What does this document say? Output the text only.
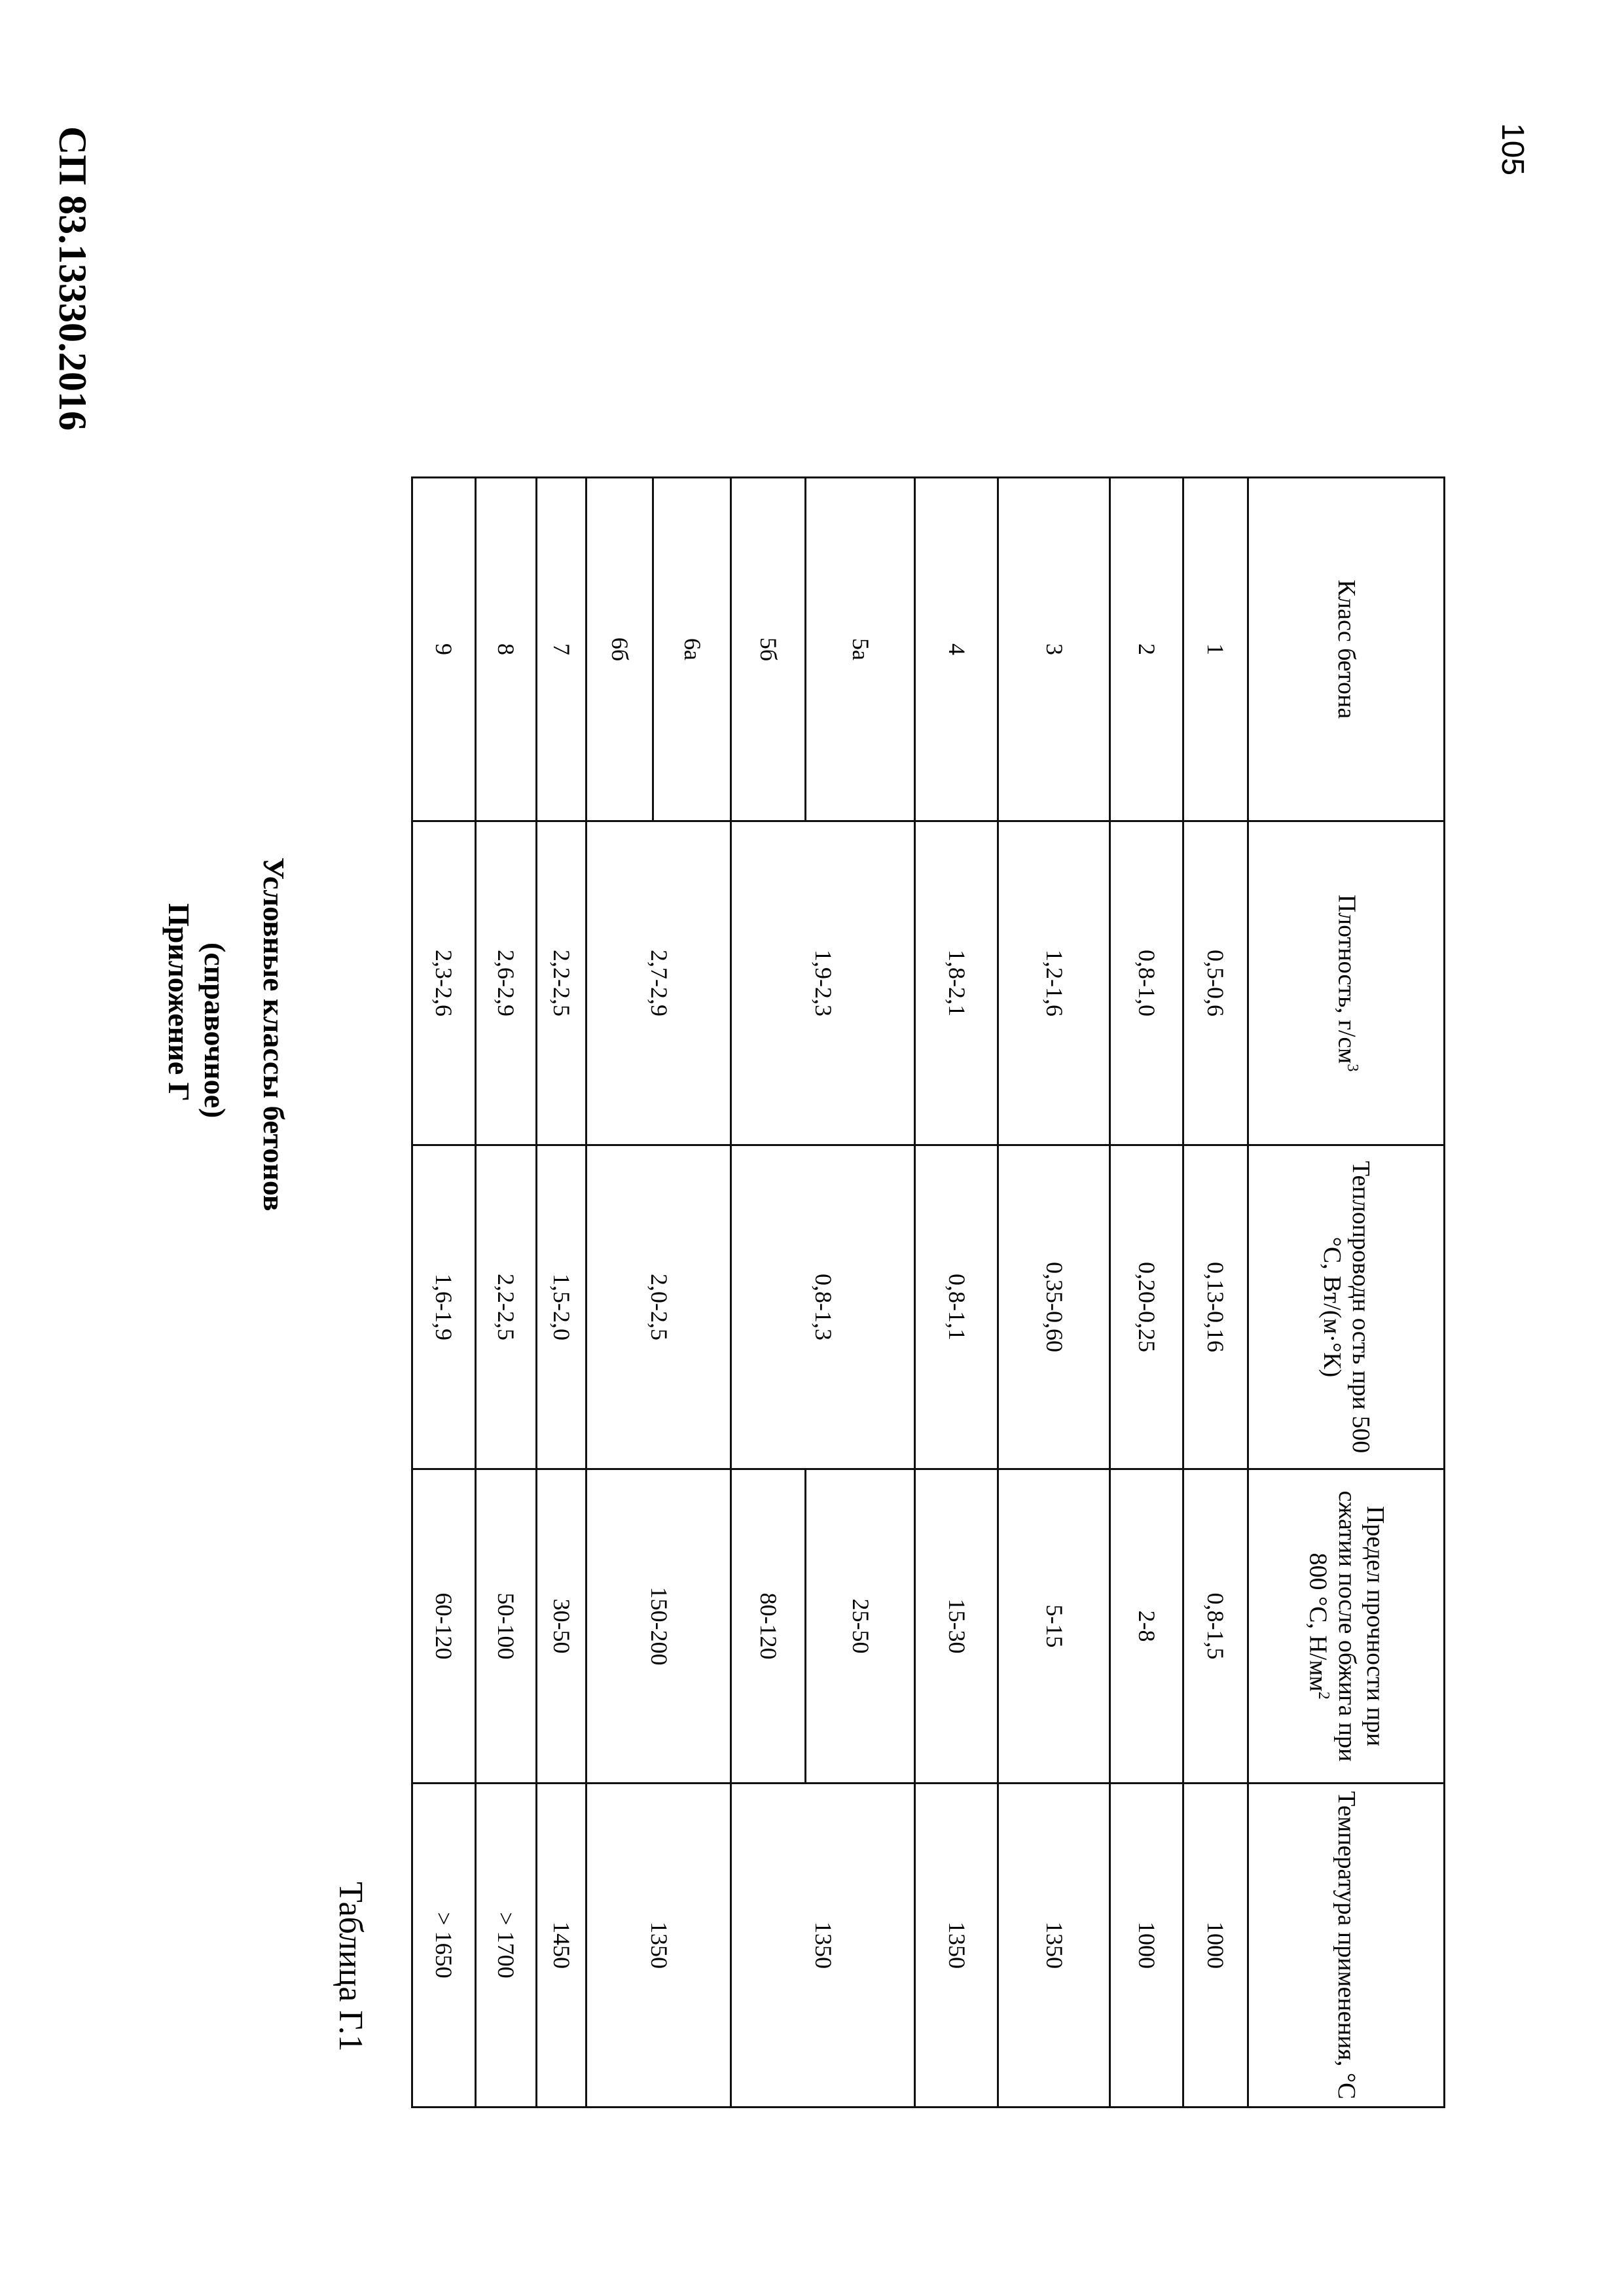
СП 83.13330.2016	105
Приложение Г (справочное) Условные классы бетонов
Таблица Г.1
Класс бетона	Плотность, $г/см^3$	Теплопроводн ость при 500 °С, Вт/(м·°К)	Предел прочности при сжатии после обжига при 800 °С, $Н/мм^2$	Температура применения, °С
1	0,5-0,6	0,13-0,16	0,8-1,5	1000
2	0,8-1,0	0,20-0,25	2-8	1000
3	1,2-1,6	0,35-0,60	5-15	1350
4	1,8-2,1	0,8-1,1	15-30	1350
5а	1,9-2,3	0,8-1,3	25-50	1350
5б			80-120	
6а	2,7-2,9	2,0-2,5	150-200	1350
6б				
7	2,2-2,5	1,5-2,0	30-50	1450
8	2,6-2,9	2,2-2,5	50-100	> 1700
9	2,3-2,6	1,6-1,9	60-120	> 1650
